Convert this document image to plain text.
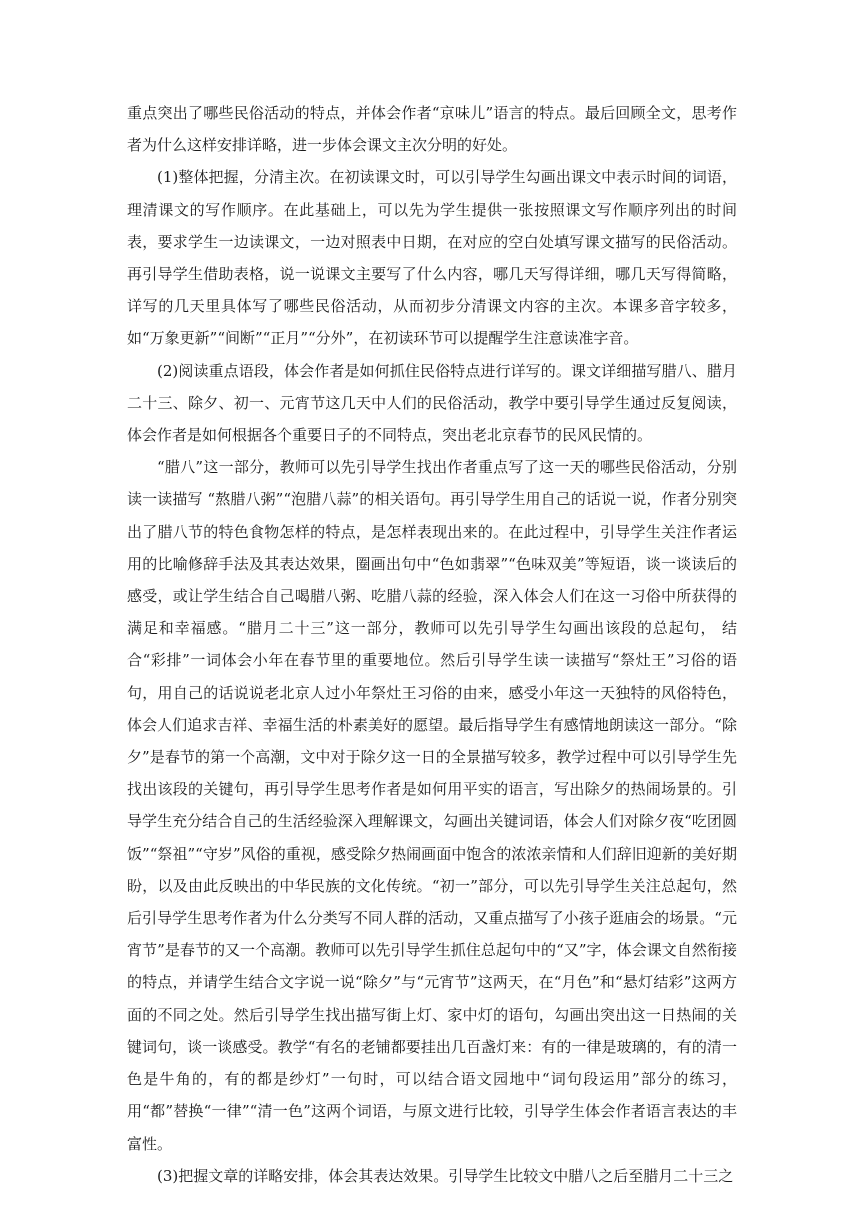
重点突出了哪些民俗活动的特点，并体会作者“京味儿”语言的特点。最后回顾全文，思考作者为什么这样安排详略，进一步体会课文主次分明的好处。

(1)整体把握，分清主次。在初读课文时，可以引导学生勾画出课文中表示时间的词语，理清课文的写作顺序。在此基础上，可以先为学生提供一张按照课文写作顺序列出的时间表，要求学生一边读课文，一边对照表中日期，在对应的空白处填写课文描写的民俗活动。再引导学生借助表格，说一说课文主要写了什么内容，哪几天写得详细，哪几天写得简略，详写的几天里具体写了哪些民俗活动，从而初步分清课文内容的主次。本课多音字较多，如“万象更新”“间断”“正月”“分外”，在初读环节可以提醒学生注意读准字音。

(2)阅读重点语段，体会作者是如何抓住民俗特点进行详写的。课文详细描写腊八、腊月二十三、除夕、初一、元宵节这几天中人们的民俗活动，教学中要引导学生通过反复阅读，体会作者是如何根据各个重要日子的不同特点，突出老北京春节的民风民情的。

“腊八”这一部分，教师可以先引导学生找出作者重点写了这一天的哪些民俗活动，分别读一读描写 “熬腊八粥”“泡腊八蒜”的相关语句。再引导学生用自己的话说一说，作者分别突出了腊八节的特色食物怎样的特点，是怎样表现出来的。在此过程中，引导学生关注作者运用的比喻修辞手法及其表达效果，圈画出句中“色如翡翠”“色味双美”等短语，谈一谈读后的感受，或让学生结合自己喝腊八粥、吃腊八蒜的经验，深入体会人们在这一习俗中所获得的满足和幸福感。“腊月二十三”这一部分，教师可以先引导学生勾画出该段的总起句， 结合“彩排”一词体会小年在春节里的重要地位。然后引导学生读一读描写“祭灶王”习俗的语句，用自己的话说说老北京人过小年祭灶王习俗的由来，感受小年这一天独特的风俗特色，体会人们追求吉祥、幸福生活的朴素美好的愿望。最后指导学生有感情地朗读这一部分。“除夕”是春节的第一个高潮，文中对于除夕这一日的全景描写较多，教学过程中可以引导学生先找出该段的关键句，再引导学生思考作者是如何用平实的语言，写出除夕的热闹场景的。引导学生充分结合自己的生活经验深入理解课文，勾画出关键词语，体会人们对除夕夜“吃团圆饭”“祭祖”“守岁”风俗的重视，感受除夕热闹画面中饱含的浓浓亲情和人们辞旧迎新的美好期盼，以及由此反映出的中华民族的文化传统。“初一”部分，可以先引导学生关注总起句，然后引导学生思考作者为什么分类写不同人群的活动，又重点描写了小孩子逛庙会的场景。“元宵节”是春节的又一个高潮。教师可以先引导学生抓住总起句中的“又”字，体会课文自然衔接的特点，并请学生结合文字说一说“除夕”与“元宵节”这两天，在“月色”和“悬灯结彩”这两方面的不同之处。然后引导学生找出描写街上灯、家中灯的语句，勾画出突出这一日热闹的关键词句，谈一谈感受。教学“有名的老铺都要挂出几百盏灯来：有的一律是玻璃的，有的清一色是牛角的，有的都是纱灯”一句时，可以结合语文园地中“词句段运用”部分的练习，用“都”替换“一律”“清一色”这两个词语，与原文进行比较，引导学生体会作者语言表达的丰富性。

(3)把握文章的详略安排，体会其表达效果。引导学生比较文中腊八之后至腊月二十三之
